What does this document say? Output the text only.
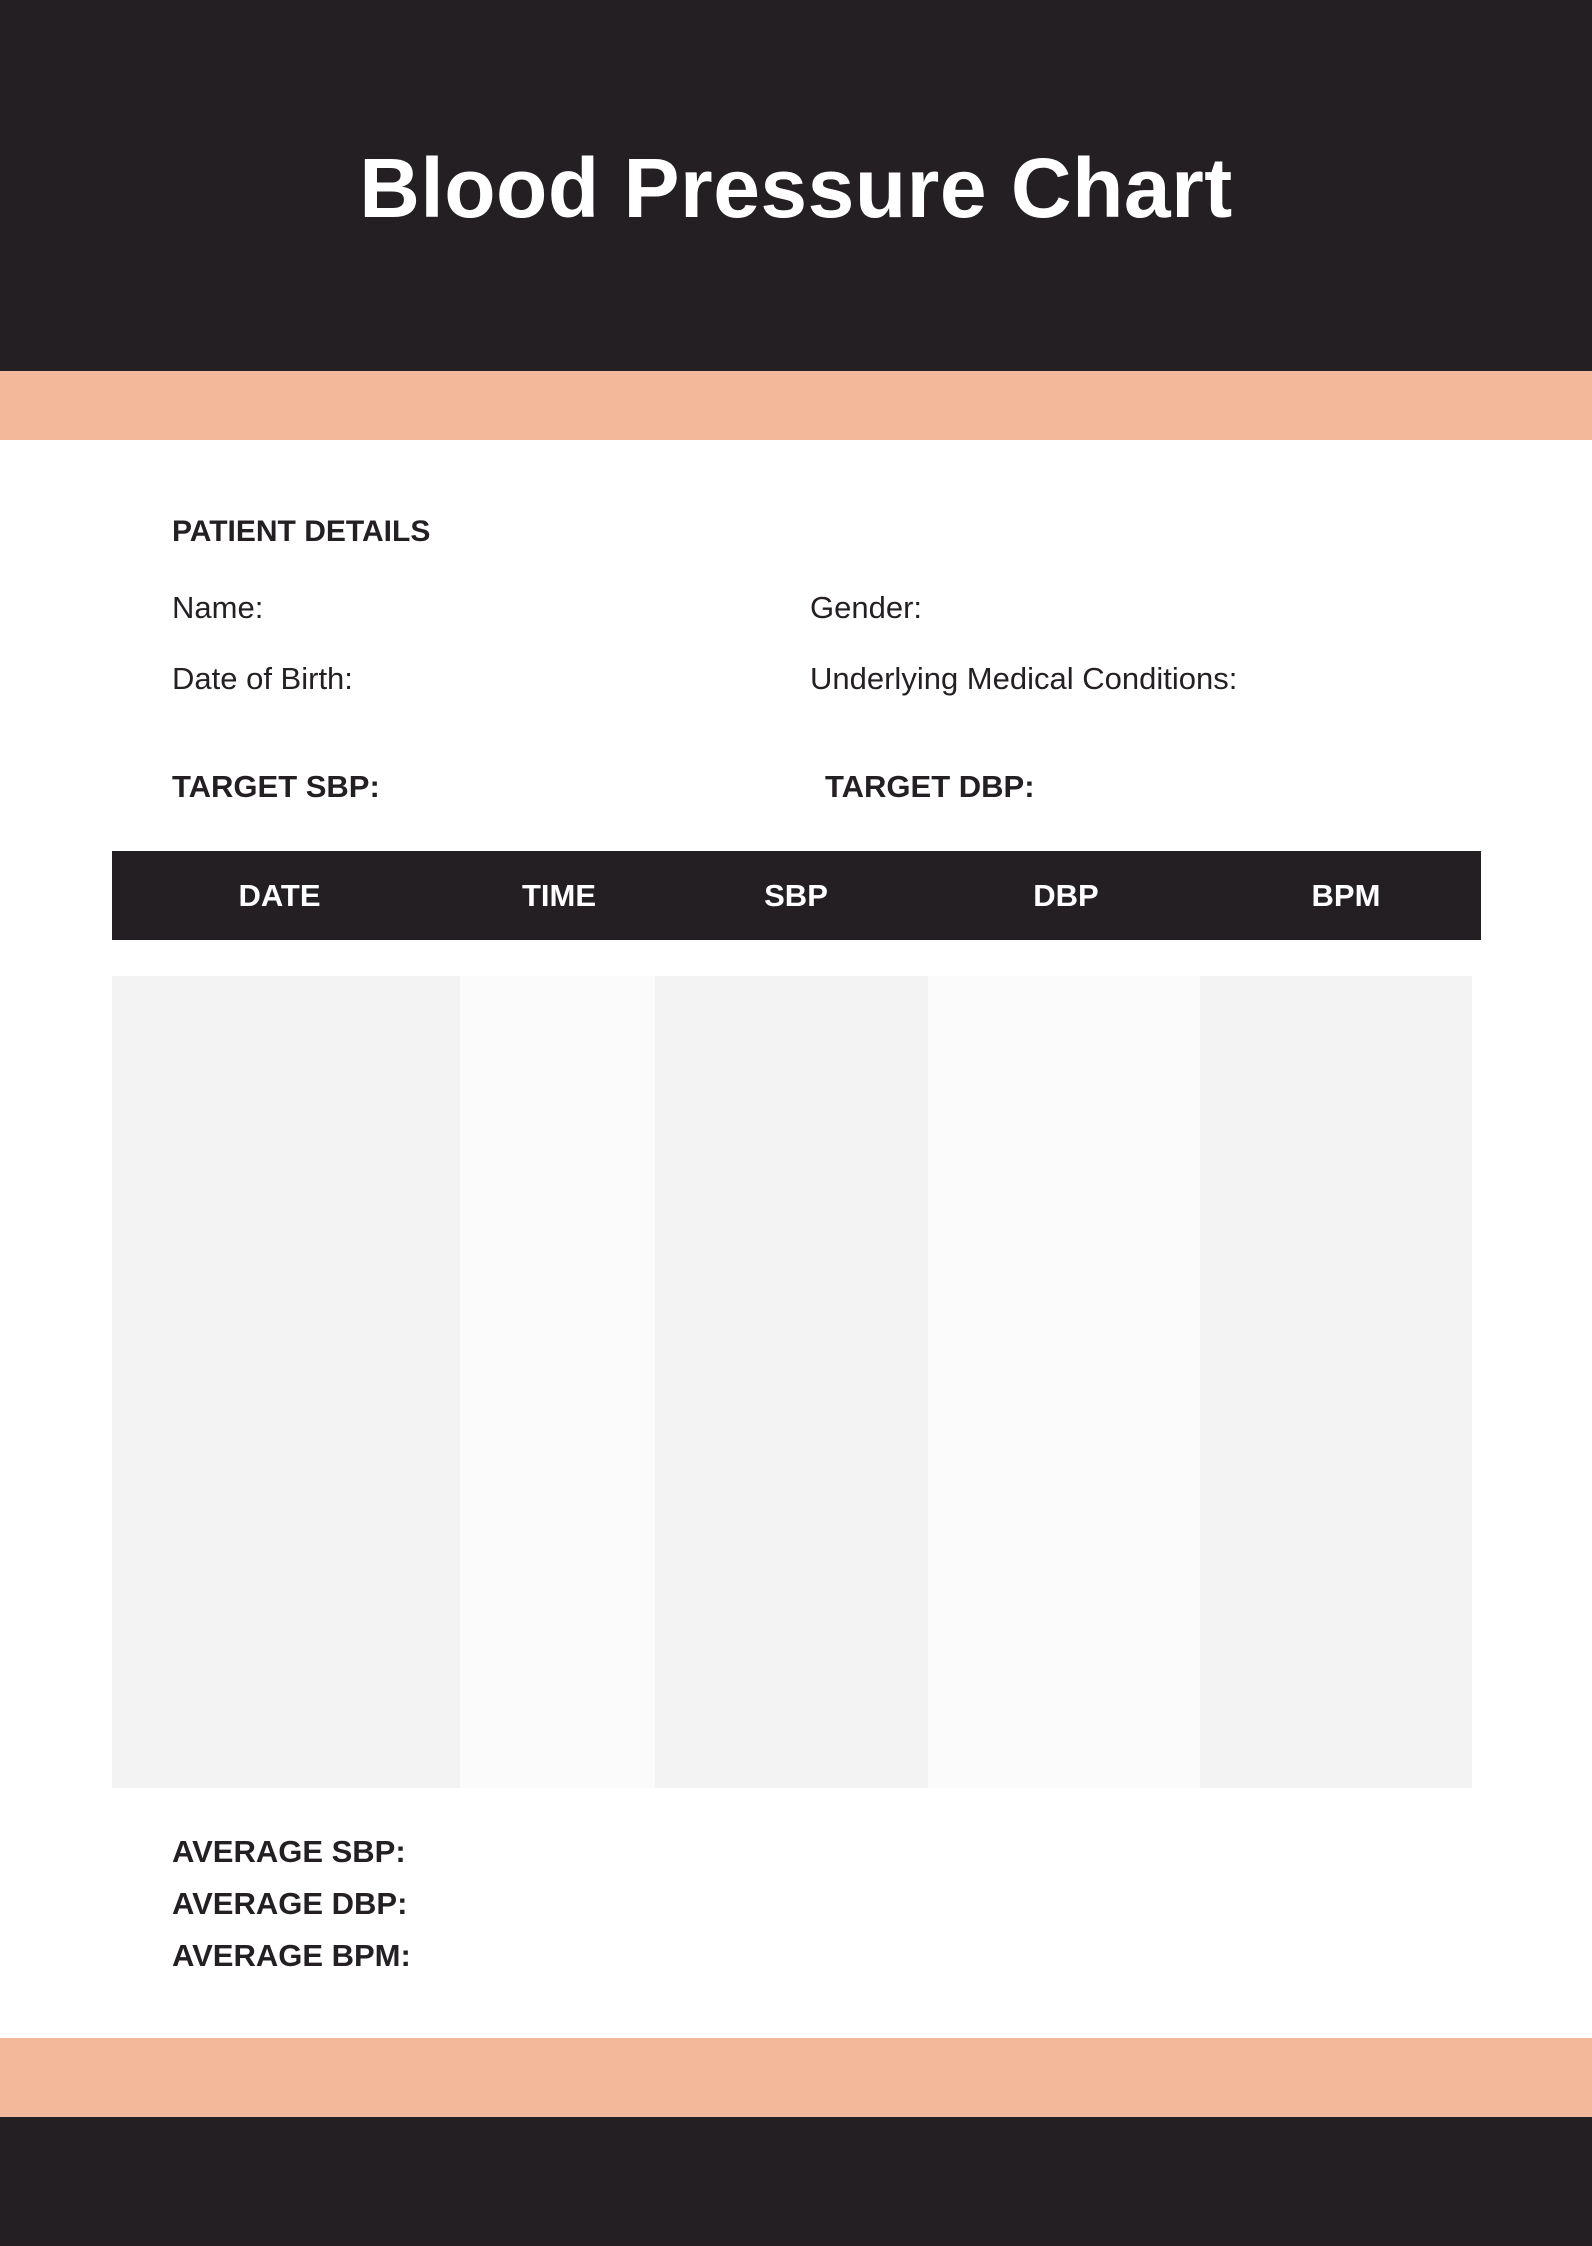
Blood Pressure Chart
PATIENT DETAILS
Name:	Gender:
Date of Birth:	Underlying Medical Conditions:
TARGET SBP:	TARGET DBP:
DATE	TIME	SBP	DBP	BPM
AVERAGE SBP:
AVERAGE DBP:
AVERAGE BPM:
